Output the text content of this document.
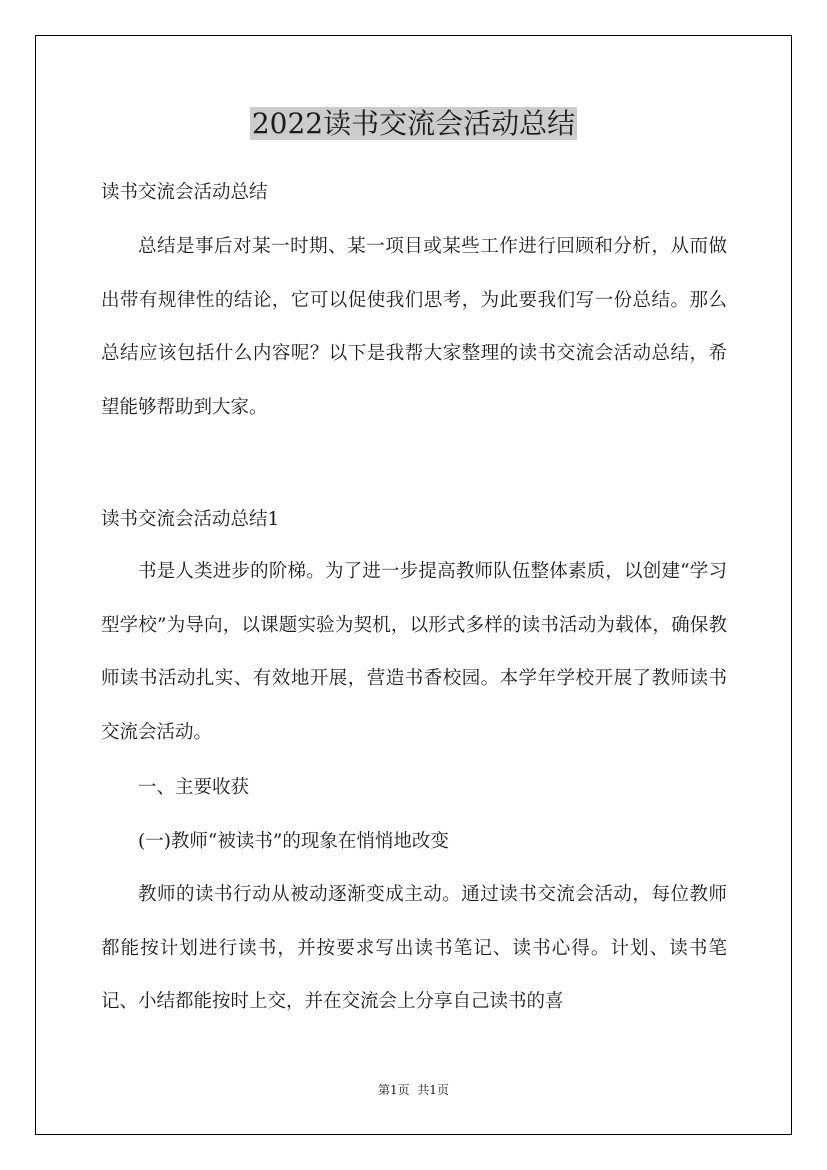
2022读书交流会活动总结

读书交流会活动总结

总结是事后对某一时期、某一项目或某些工作进行回顾和分析，从而做出带有规律性的结论，它可以促使我们思考，为此要我们写一份总结。那么总结应该包括什么内容呢？以下是我帮大家整理的读书交流会活动总结，希望能够帮助到大家。

读书交流会活动总结1

书是人类进步的阶梯。为了进一步提高教师队伍整体素质，以创建“学习型学校”为导向，以课题实验为契机，以形式多样的读书活动为载体，确保教师读书活动扎实、有效地开展，营造书香校园。本学年学校开展了教师读书交流会活动。

一、主要收获

(一)教师“被读书”的现象在悄悄地改变

教师的读书行动从被动逐渐变成主动。通过读书交流会活动，每位教师都能按计划进行读书，并按要求写出读书笔记、读书心得。计划、读书笔记、小结都能按时上交，并在交流会上分享自己读书的喜

第1页  共1页
